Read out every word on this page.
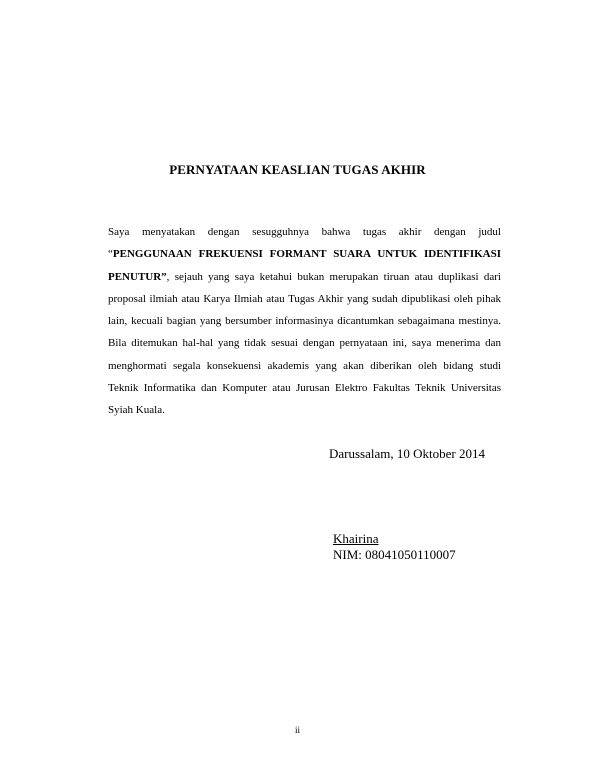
PERNYATAAN KEASLIAN TUGAS AKHIR
Saya menyatakan dengan sesugguhnya bahwa tugas akhir dengan judul “PENGGUNAAN FREKUENSI FORMANT SUARA UNTUK IDENTIFIKASI PENUTUR”, sejauh yang saya ketahui bukan merupakan tiruan atau duplikasi dari proposal ilmiah atau Karya Ilmiah atau Tugas Akhir yang sudah dipublikasi oleh pihak lain, kecuali bagian yang bersumber informasinya dicantumkan sebagaimana mestinya. Bila ditemukan hal-hal yang tidak sesuai dengan pernyataan ini, saya menerima dan menghormati segala konsekuensi akademis yang akan diberikan oleh bidang studi Teknik Informatika dan Komputer atau Jurusan Elektro Fakultas Teknik Universitas Syiah Kuala.
Darussalam, 10 Oktober 2014
Khairina
NIM: 08041050110007
ii
